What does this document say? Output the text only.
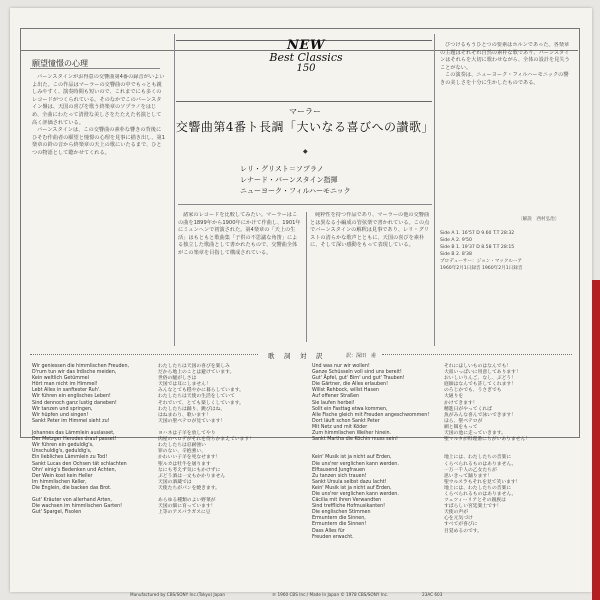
願望憧憬の心理

バーンスタインがお得意の交響曲第4番の録音がいよいよ出た。この作品はマーラーの交響曲の中でもっとも親しみやすく、演奏時間も短いので、これまでにも多くのレコードがつくられている。そのなかでこのバーンスタイン盤は、天国の喜びを歌う終楽章のソプラノをはじめ、全曲にわたって清澄な美しさをたたえた名演として高く評価されている。

バーンスタインは、この交響曲の素朴な響きの背後にひそむ作曲者の願望と憧憬の心理を見事に描き出し、第1楽章の鈴の音から終楽章の天上の歌にいたるまで、ひとつの物語として聴かせてくれる。

NEW
Best Classics
150
マーラー
交響曲第4番ト長調「大いなる喜びへの讃歌」
◆
レリ・グリスト＝ソプラノ
レナード・バーンスタイン指揮
ニューヨーク・フィルハーモニック

諸家のレコードを比較してみたい。マーラーはこの曲を1899年から1900年にかけて作曲し、1901年にミュンヘンで初演された。第4楽章の「天上の生活」はもともと歌曲集「子供の不思議な角笛」による独立した歌曲として書かれたもので、交響曲全体がこの楽章を目指して構成されている。

純粋性を持つ作品であり、マーラーの他の交響曲とは異なる小編成の管弦楽で書かれている。この点でバーンスタインの解釈は見事であり、レリ・グリストの清らかな歌声とともに、天国の喜びを素朴に、そして深い感動をもって表現している。

びつけるもうひとつの要素はホルンであった。各楽章の主題はそれぞれ自然の素朴な歌であり、バーンスタインはそれらを大切に歌わせながら、全体の設計を見失うことがない。

この演奏は、ニューヨーク・フィルハーモニックの響きの美しさを十分に生かしたものである。

〔解説　西村弘治〕
Side A 1. 16'57 D 9.60 T.T 28:32
Side A 2. 9'50
Side B 1. 19'37 D 8.58 T.T 28:15
Side B 2. 8'38
プロデューサー：ジョン・マックルーア
1960年2月1日録音 1960年2月1日録音
歌　詞　対　訳	訳：深田　甫
Wir geniessen die himmlischen Freuden,
D'rum tun wir das Irdische meiden,
Kein weltlich Getümmel
Hört man nicht im Himmel!
Lebt Alles in sanftester Ruh'.
Wir führen ein englisches Leben!
Sind dennoch ganz lustig daneben!
Wir tanzen und springen,
Wir hüpfen und singen!
Sankt Peter im Himmel sieht zu!

Johannes das Lämmlein auslasset,
Der Metzger Herodes drauf passet!
Wir führen ein geduldig's,
Unschuldig's, geduldig's,
Ein liebliches Lämmlein zu Tod!
Sankt Lucas den Ochsen tät schlachten
Ohn' einig's Bedenken und Achten,
Der Wein kost kein Heller
Im himmlischen Keller,
Die Englein, die backen das Brot.

Gut' Kräuter von allerhand Arten,
Die wachsen im himmlischen Garten!
Gut' Spargel, Fisolen
わたしたちは天国の喜びを楽しみ
だから地上のことは避けています。
世俗の騒がしさは
天国では耳にしません！
みんなとても穏やかに暮らしています。
わたしたちは天使の生活をしていて
それでいて、とても楽しくしています。
わたしたちは踊り、跳びはね、
はねまわり、歌います！
天国の聖ペテロが見ています！

ヨハネは子羊を放してやり
肉屋のヘロデがそれを待ちかまえています！
わたしたちは忍耐強い
罪のない、辛抱強い、
かわいい子羊を死なせます！
聖ルカは牡牛を屠ります
なにも考えず気にもかけずに
ぶどう酒は一文もかかりません
天国の酒蔵では
天使たちがパンを焼きます。

あらゆる種類のよい野菜が
天国の畑に育っています！
上等のアスパラガスに豆
Und was nur wir wollen!
Ganze Schüsseln voll sind uns bereit!
Gut' Äpfel, gut' Birn' und gut' Trauben!
Die Gärtner, die Alles erlauben!
Willst Rehbock, willst Hasen
Auf offener Straßen
Sie laufen herbei!
Sollt ein Fasttag etwa kommen,
Alle Fische gleich mit Freuden angeschwommen!
Dort läuft schon Sankt Peter
Mit Netz und mit Köder
Zum himmlischen Weiher hinein.
Sankt Martha die Köchin muss sein!

Kein' Musik ist ja nicht auf Erden,
Die uns'rer verglichen kann werden.
Elftausend Jungfrauen
Zu tanzen sich trauen!
Sankt Ursula selbst dazu lacht!
Kein' Musik ist ja nicht auf Erden,
Die uns'rer verglichen kann werden.
Cäcilia mit ihren Verwandten
Sind treffliche Hofmusikanten!
Die englischen Stimmen
Ermuntern die Sinnen,
Ermuntern die Sinnen!
Dass Alles für
Freuden erwacht.
それにほしいものはなんでも！
大皿いっぱいに用意してあります！
おいしいりんご、なし、ぶどう！
庭師はなんでも許してくれます！
のろじかでも、うさぎでも
大通りを
かけてきます！
精進日がやってくれば
魚がみんな喜んで泳いできます！
ほら、聖ペテロが
網と餌をもって
天国の池に走っていきます。
聖マルタが料理番にちがいありません！

地上には、わたしたちの音楽に
くらべられるものはありません。
一万一千人の乙女たちが
思いきって踊ります！
聖ウルスラもそれを見て笑います！
地上には、わたしたちの音楽に
くらべられるものはありません。
ツェツィーリアとその親族は
すばらしい宮廷楽士です！
天使の声が
心を元気づけ
すべてが喜びに
目覚めるのです。
Manufactured by CBS/SONY Inc.(Tokyo) Japan	℗ 1960 CBS Inc./ Made In Japan © 1978 CBS/SONY Inc.	23AC 603
